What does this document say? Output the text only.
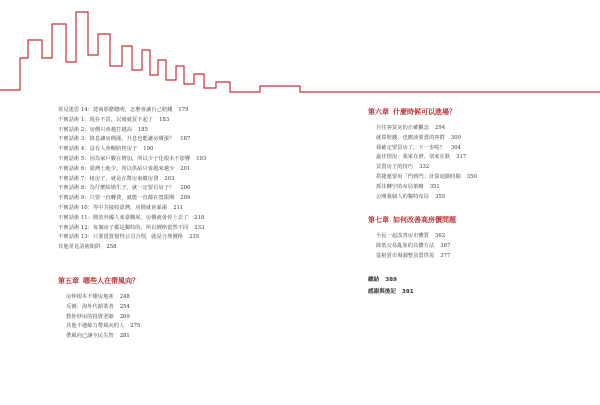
常見迷思 14：建商那麼聰明，怎麼會讓自己賠錢 179
不實話術 1：現在不買，以後就買不起了 183
不實話術 2：房價只會越打越高 185
不實話術 3：降息讓房價漲，升息也能讓房價漲？ 187
不實話術 4：沒有人會暢賠售房子 190
不實話術 5：因為家戶數在增加，所以少子化根本不影響 193
不實話術 6：臺灣土地少，所以供給只會越來越少 201
不實話術 7：租房子，就是在幫房東繳房貸 203
不實話術 8：為什麼結婚生子，就一定要有房子？ 206
不實話術 9：只要一直轉貸，就能一直都在寬限期 209
不實話術 10：等中共接收臺灣，房價就會暴漲 211
不實話術 11：開放外國人來臺購屋，房價就會停上去了 218
不實話術 12：每個房子都是獨特的，所以價格當然不同 233
不實話術 13：只要賣賣覺得公司合理，就是合理價格 235
其他常見話術陷阱 258
第五章 哪些人在帶風向？
房仲根本不懂房地產 248
反例：海外代銷業者 254
教你炒房的投資老師 269
其他不遺餘力帶風向的人 275
帶風向已讓全民失智 281
第六章 什麼時候可以進場？
自住客買房的正確觀念 294
就算賠錢，也應該要賣的客群 300
我確定要買房了，下一步呢？ 304
最佳情況：我家在濟，別家在跌 317
買賣房子的技巧 332
搭捷運要用「門到門」計算通勤時間 350
抓住轉空的布局策略 351
公開我個人的獨特布局 355
第七章 如何改善高房價問題
全民一起改善房市體質 362
降低交易亂象的具體方法 367
從租賃市場調整買賣供需 377
總結 389
感謝與後記 391
